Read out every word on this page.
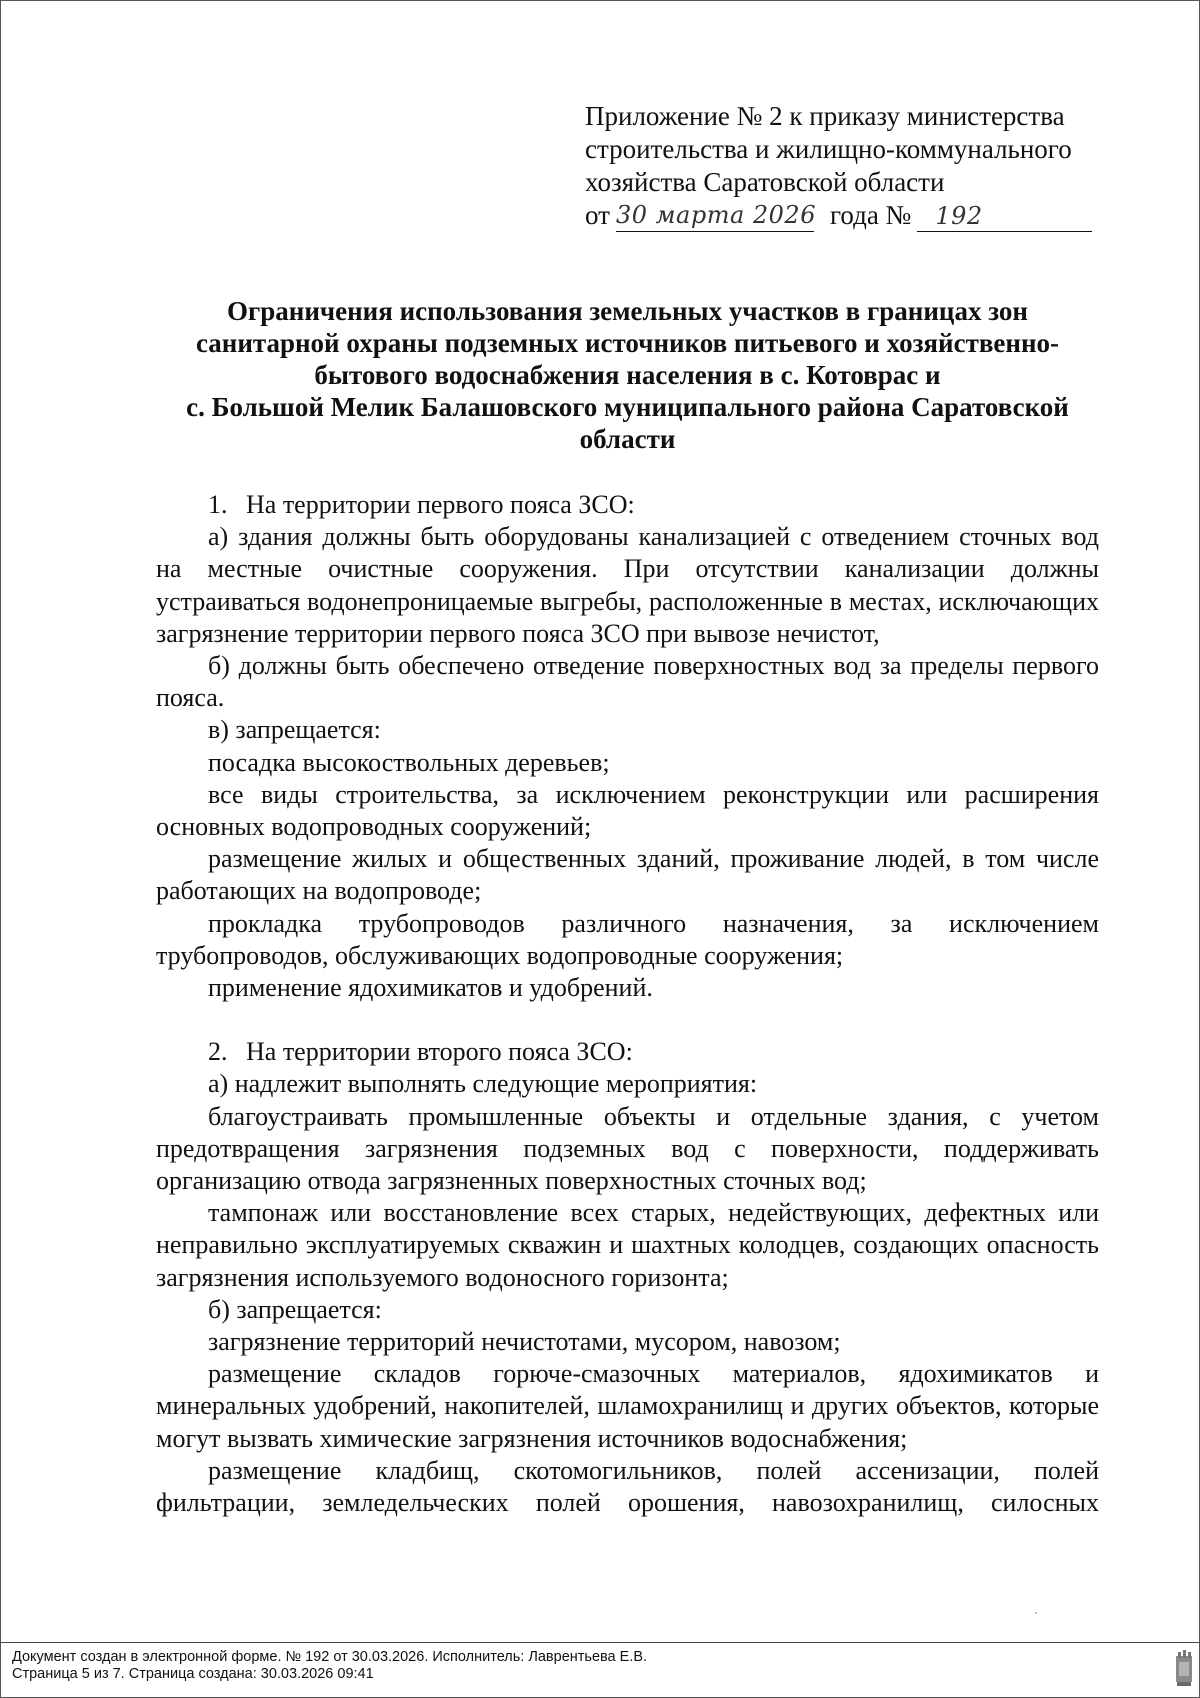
Приложение № 2 к приказу министерства
строительства и жилищно-коммунального
хозяйства Саратовской области
от 30 марта 2026 года №	192
Ограничения использования земельных участков в границах зон
санитарной охраны подземных источников питьевого и хозяйственно-
бытового водоснабжения населения в с. Котоврас и
с. Большой Мелик Балашовского муниципального района Саратовской
области
1. На территории первого пояса ЗСО:

а) здания должны быть оборудованы канализацией с отведением сточных вод на местные очистные сооружения. При отсутствии канализации должны устраиваться водонепроницаемые выгребы, расположенные в местах, исключающих загрязнение территории первого пояса ЗСО при вывозе нечистот,

б) должны быть обеспечено отведение поверхностных вод за пределы первого пояса.

в) запрещается:

посадка высокоствольных деревьев;

все виды строительства, за исключением реконструкции или расширения основных водопроводных сооружений;

размещение жилых и общественных зданий, проживание людей, в том числе работающих на водопроводе;

прокладка трубопроводов различного назначения, за исключением трубопроводов, обслуживающих водопроводные сооружения;

применение ядохимикатов и удобрений.

2. На территории второго пояса ЗСО:

а) надлежит выполнять следующие мероприятия:

благоустраивать промышленные объекты и отдельные здания, с учетом предотвращения загрязнения подземных вод с поверхности, поддерживать организацию отвода загрязненных поверхностных сточных вод;

тампонаж или восстановление всех старых, недействующих, дефектных или неправильно эксплуатируемых скважин и шахтных колодцев, создающих опасность загрязнения используемого водоносного горизонта;

б) запрещается:

загрязнение территорий нечистотами, мусором, навозом;

размещение складов горюче-смазочных материалов, ядохимикатов и минеральных удобрений, накопителей, шламохранилищ и других объектов, которые могут вызвать химические загрязнения источников водоснабжения;

размещение кладбищ, скотомогильников, полей ассенизации, полей фильтрации, земледельческих полей орошения, навозохранилищ, силосных

Документ создан в электронной форме. № 192 от 30.03.2026. Исполнитель: Лаврентьева Е.В.
Страница 5 из 7. Страница создана: 30.03.2026 09:41
